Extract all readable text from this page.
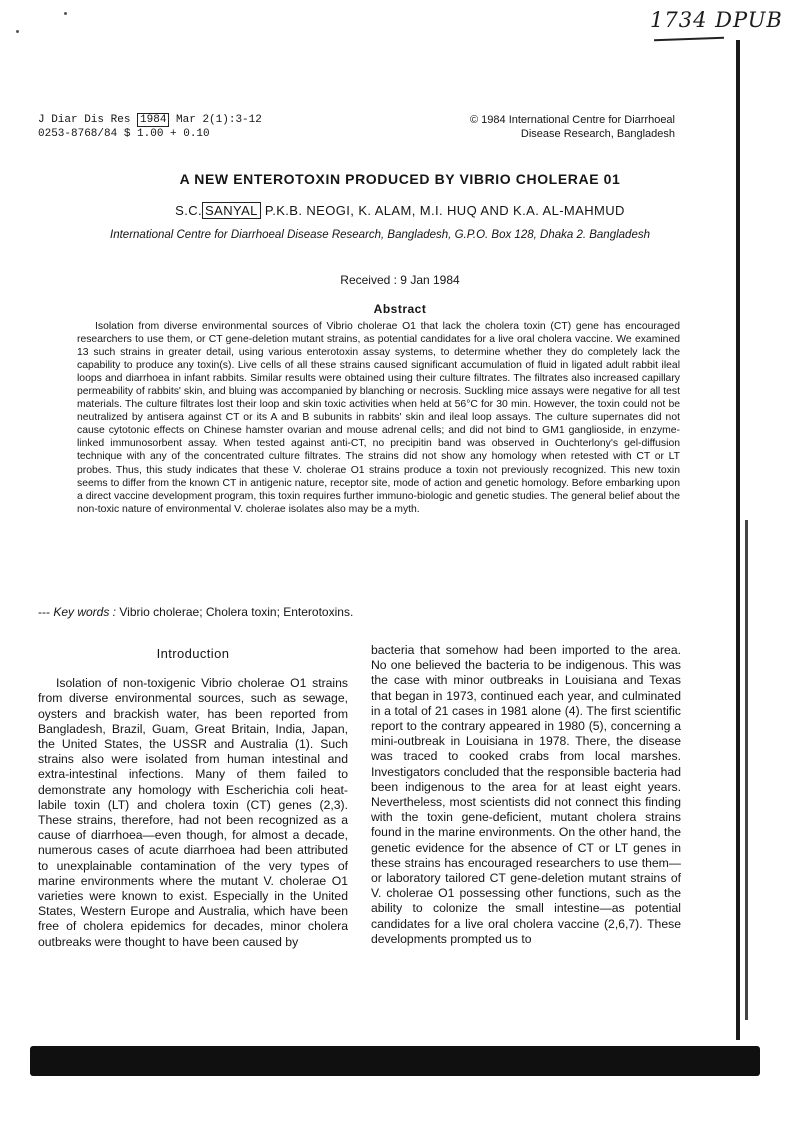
1734 DPUB
J Diar Dis Res 1984 Mar 2(1):3-12
0253-8768/84 $ 1.00 + 0.10
© 1984 International Centre for Diarrhoeal
Disease Research, Bangladesh
A NEW ENTEROTOXIN PRODUCED BY VIBRIO CHOLERAE 01
S.C. SANYAL P.K.B. NEOGI, K. ALAM, M.I. HUQ AND K.A. AL-MAHMUD
International Centre for Diarrhoeal Disease Research, Bangladesh, G.P.O. Box 128, Dhaka 2. Bangladesh
Received : 9 Jan 1984
Abstract

Isolation from diverse environmental sources of Vibrio cholerae O1 that lack the cholera toxin (CT) gene has encouraged researchers to use them, or CT gene-deletion mutant strains, as potential candidates for a live oral cholera vaccine. We examined 13 such strains in greater detail, using various enterotoxin assay systems, to determine whether they do completely lack the capability to produce any toxin(s). Live cells of all these strains caused significant accumulation of fluid in ligated adult rabbit ileal loops and diarrhoea in infant rabbits. Similar results were obtained using their culture filtrates. The filtrates also increased capillary permeability of rabbits' skin, and bluing was accompanied by blanching or necrosis. Suckling mice assays were negative for all test materials. The culture filtrates lost their loop and skin toxic activities when held at 56°C for 30 min. However, the toxin could not be neutralized by antisera against CT or its A and B subunits in rabbits' skin and ileal loop assays. The culture supernates did not cause cytotonic effects on Chinese hamster ovarian and mouse adrenal cells; and did not bind to GM1 ganglioside, in enzyme-linked immunosorbent assay. When tested against anti-CT, no precipitin band was observed in Ouchterlony's gel-diffusion technique with any of the concentrated culture filtrates. The strains did not show any homology when retested with CT or LT probes. Thus, this study indicates that these V. cholerae O1 strains produce a toxin not previously recognized. This new toxin seems to differ from the known CT in antigenic nature, receptor site, mode of action and genetic homology. Before embarking upon a direct vaccine development program, this toxin requires further immuno-biologic and genetic studies. The general belief about the non-toxic nature of environmental V. cholerae isolates also may be a myth.

--- Key words : Vibrio cholerae; Cholera toxin; Enterotoxins.
Introduction

Isolation of non-toxigenic Vibrio cholerae O1 strains from diverse environmental sources, such as sewage, oysters and brackish water, has been reported from Bangladesh, Brazil, Guam, Great Britain, India, Japan, the United States, the USSR and Australia (1). Such strains also were isolated from human intestinal and extra-intestinal infections. Many of them failed to demonstrate any homology with Escherichia coli heat-labile toxin (LT) and cholera toxin (CT) genes (2,3). These strains, therefore, had not been recognized as a cause of diarrhoea—even though, for almost a decade, numerous cases of acute diarrhoea had been attributed to unexplainable contamination of the very types of marine environments where the mutant V. cholerae O1 varieties were known to exist. Especially in the United States, Western Europe and Australia, which have been free of cholera epidemics for decades, minor cholera outbreaks were thought to have been caused by

bacteria that somehow had been imported to the area. No one believed the bacteria to be indigenous. This was the case with minor outbreaks in Louisiana and Texas that began in 1973, continued each year, and culminated in a total of 21 cases in 1981 alone (4). The first scientific report to the contrary appeared in 1980 (5), concerning a mini-outbreak in Louisiana in 1978. There, the disease was traced to cooked crabs from local marshes. Investigators concluded that the responsible bacteria had been indigenous to the area for at least eight years. Nevertheless, most scientists did not connect this finding with the toxin gene-deficient, mutant cholera strains found in the marine environments. On the other hand, the genetic evidence for the absence of CT or LT genes in these strains has encouraged researchers to use them—or laboratory tailored CT gene-deletion mutant strains of V. cholerae O1 possessing other functions, such as the ability to colonize the small intestine—as potential candidates for a live oral cholera vaccine (2,6,7). These developments prompted us to
